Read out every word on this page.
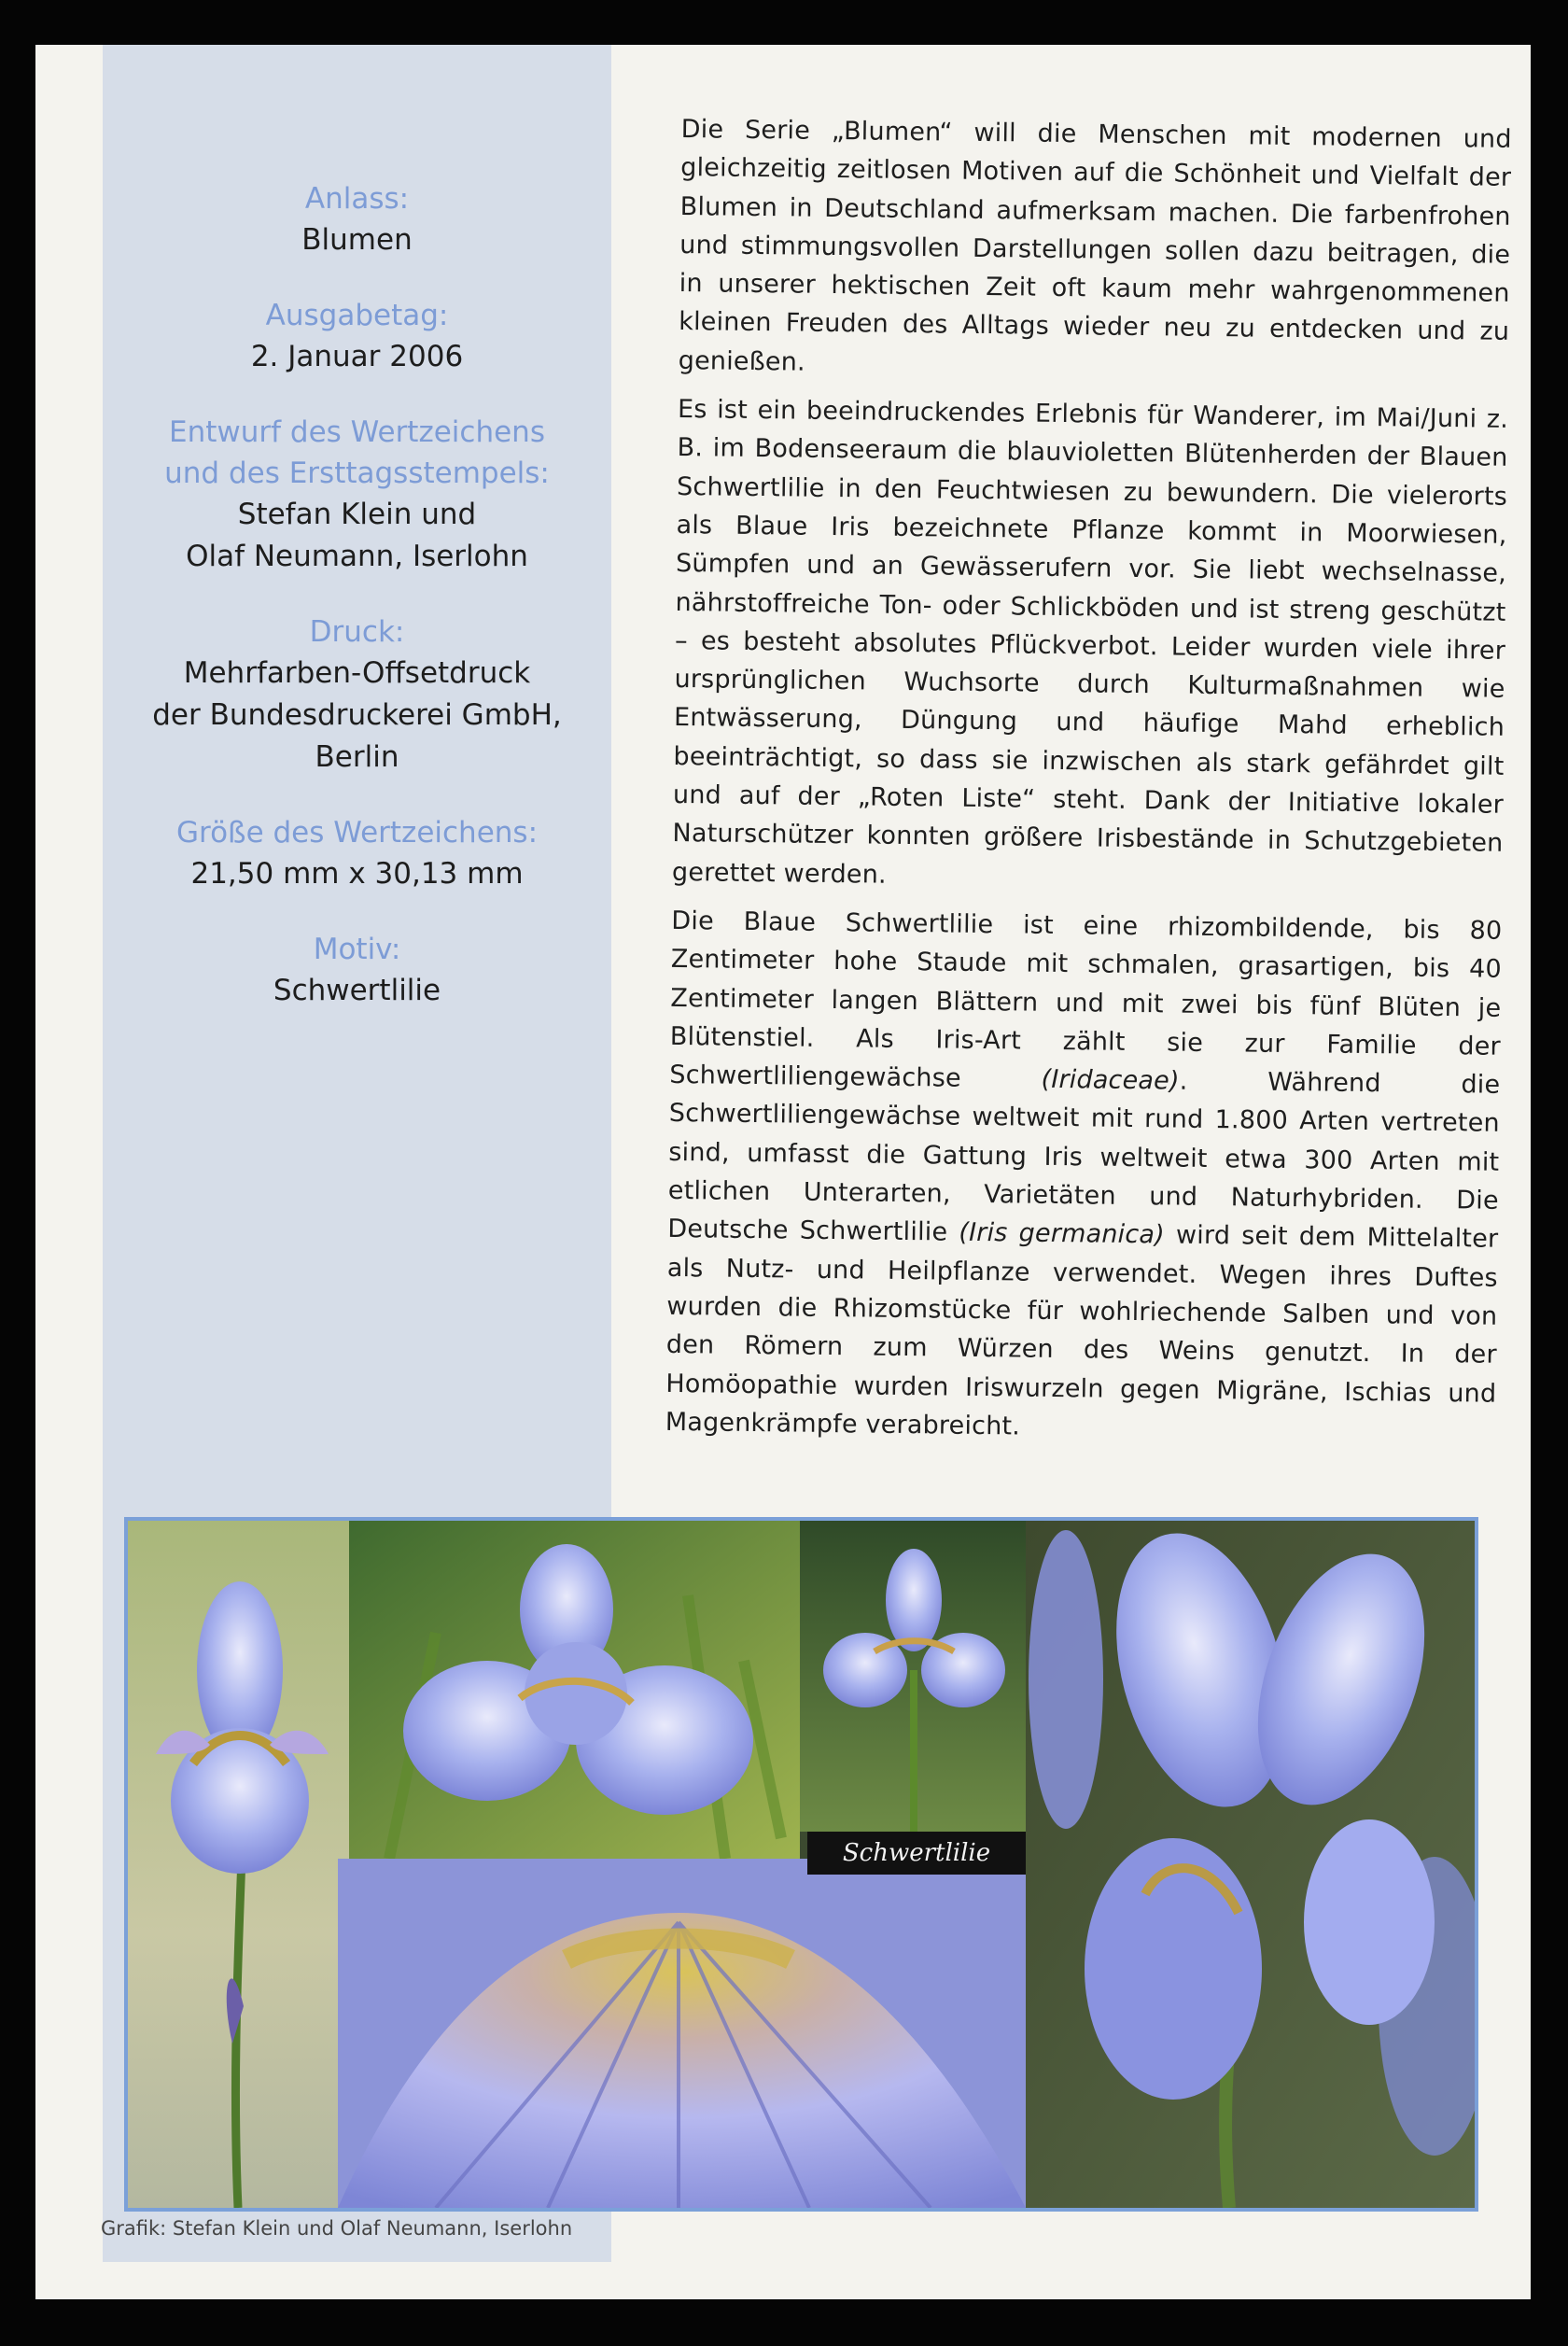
Anlass:
Blumen
Ausgabetag:
2. Januar 2006
Entwurf des Wertzeichens
und des Ersttagsstempels:
Stefan Klein und
Olaf Neumann, Iserlohn
Druck:
Mehrfarben-Offsetdruck
der Bundesdruckerei GmbH,
Berlin
Größe des Wertzeichens:
21,50 mm x 30,13 mm
Motiv:
Schwertlilie

Die Serie „Blumen“ will die Menschen mit modernen und gleichzeitig zeitlosen Motiven auf die Schönheit und Vielfalt der Blumen in Deutschland aufmerksam machen. Die farbenfrohen und stimmungsvollen Darstellungen sollen dazu beitragen, die in unserer hektischen Zeit oft kaum mehr wahrgenommenen kleinen Freuden des Alltags wieder neu zu entdecken und zu genießen.

Es ist ein beeindruckendes Erlebnis für Wanderer, im Mai/Juni z. B. im Bodenseeraum die blauvioletten Blütenherden der Blauen Schwertlilie in den Feuchtwiesen zu bewundern. Die vielerorts als Blaue Iris bezeichnete Pflanze kommt in Moorwiesen, Sümpfen und an Gewässerufern vor. Sie liebt wechselnasse, nährstoffreiche Ton- oder Schlickböden und ist streng geschützt – es besteht absolutes Pflückverbot. Leider wurden viele ihrer ursprünglichen Wuchsorte durch Kulturmaßnahmen wie Entwässerung, Düngung und häufige Mahd erheblich beeinträchtigt, so dass sie inzwischen als stark gefährdet gilt und auf der „Roten Liste“ steht. Dank der Initiative lokaler Naturschützer konnten größere Irisbestände in Schutzgebieten gerettet werden.

Die Blaue Schwertlilie ist eine rhizombildende, bis 80 Zentimeter hohe Staude mit schmalen, grasartigen, bis 40 Zentimeter langen Blättern und mit zwei bis fünf Blüten je Blütenstiel. Als Iris-Art zählt sie zur Familie der Schwertliliengewächse (Iridaceae). Während die Schwertliliengewächse weltweit mit rund 1.800 Arten vertreten sind, umfasst die Gattung Iris weltweit etwa 300 Arten mit etlichen Unterarten, Varietäten und Naturhybriden. Die Deutsche Schwertlilie (Iris germanica) wird seit dem Mittelalter als Nutz- und Heilpflanze verwendet. Wegen ihres Duftes wurden die Rhizomstücke für wohlriechende Salben und von den Römern zum Würzen des Weins genutzt. In der Homöopathie wurden Iriswurzeln gegen Migräne, Ischias und Magenkrämpfe verabreicht.

Schwertlilie
Grafik: Stefan Klein und Olaf Neumann, Iserlohn
